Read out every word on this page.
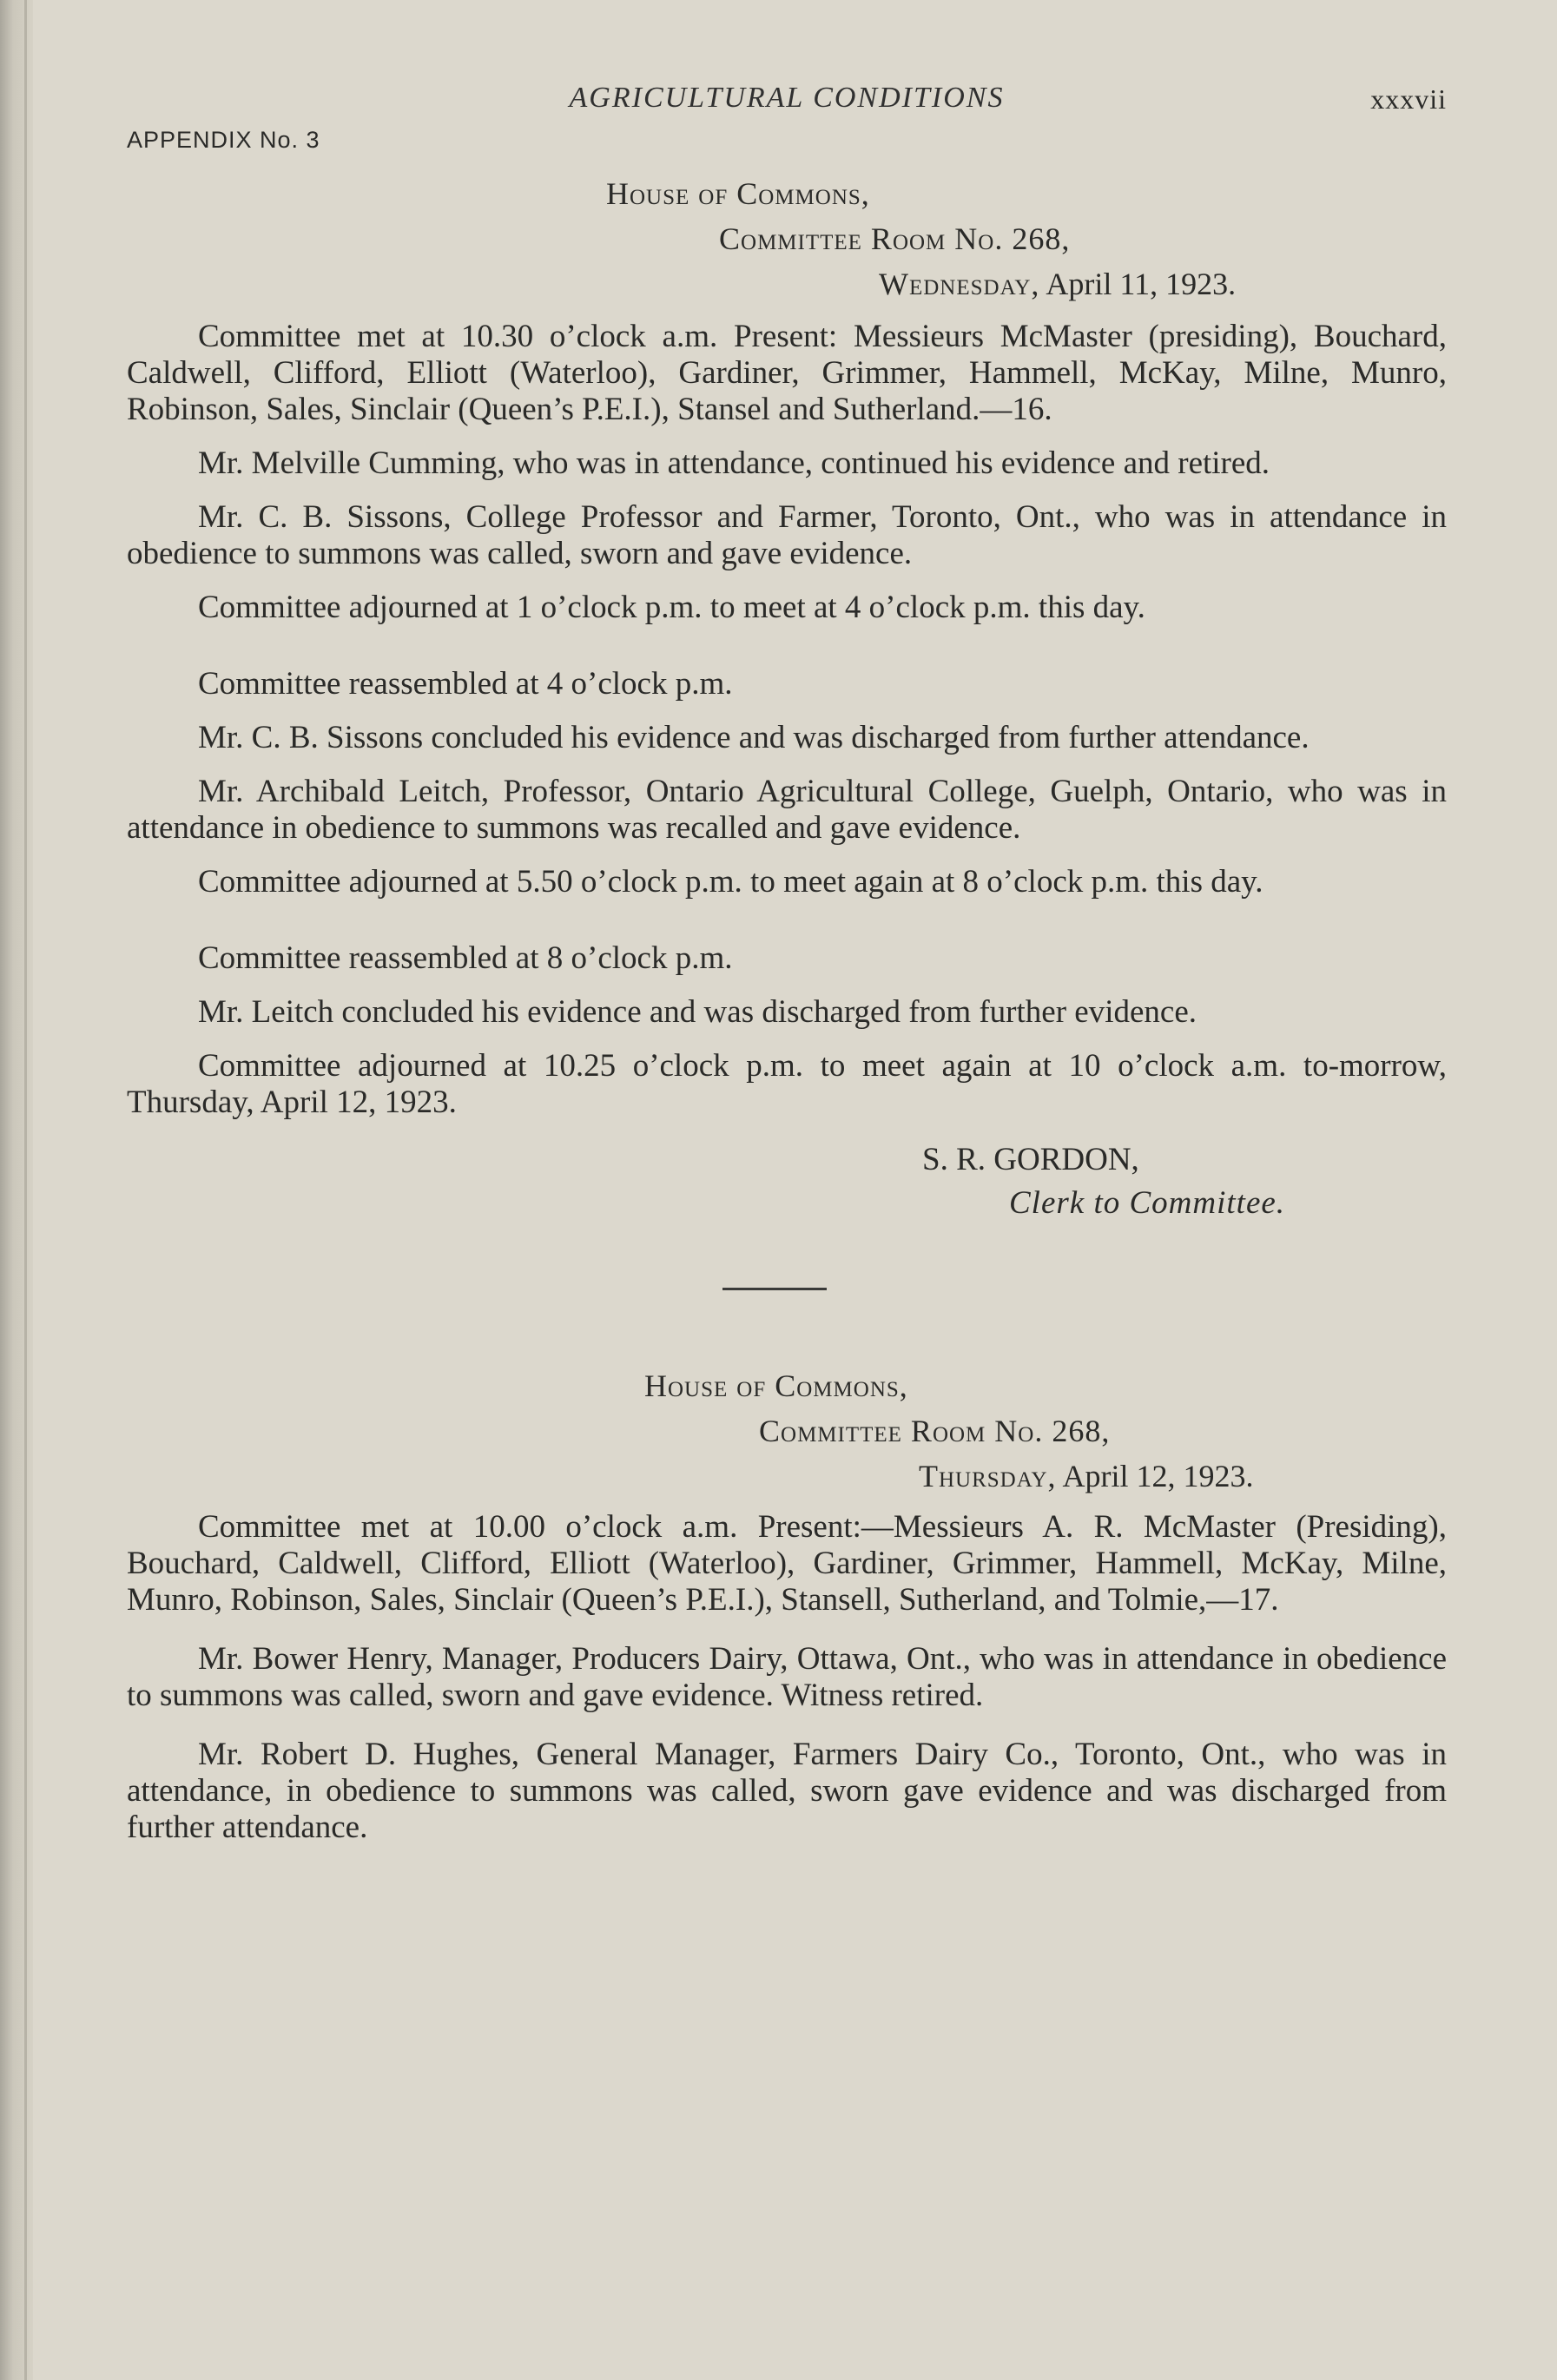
AGRICULTURAL CONDITIONS	xxxvii
APPENDIX No. 3
House of Commons,
Committee Room No. 268,
Wednesday, April 11, 1923.

Committee met at 10.30 o’clock a.m. Present: Messieurs McMaster (presiding), Bouchard, Caldwell, Clifford, Elliott (Waterloo), Gardiner, Grimmer, Hammell, McKay, Milne, Munro, Robinson, Sales, Sinclair (Queen’s P.E.I.), Stansel and Sutherland.—16.

Mr. Melville Cumming, who was in attendance, continued his evidence and retired.

Mr. C. B. Sissons, College Professor and Farmer, Toronto, Ont., who was in attendance in obedience to summons was called, sworn and gave evidence.

Committee adjourned at 1 o’clock p.m. to meet at 4 o’clock p.m. this day.

Committee reassembled at 4 o’clock p.m.

Mr. C. B. Sissons concluded his evidence and was discharged from further attendance.

Mr. Archibald Leitch, Professor, Ontario Agricultural College, Guelph, Ontario, who was in attendance in obedience to summons was recalled and gave evidence.

Committee adjourned at 5.50 o’clock p.m. to meet again at 8 o’clock p.m. this day.

Committee reassembled at 8 o’clock p.m.

Mr. Leitch concluded his evidence and was discharged from further evidence.

Committee adjourned at 10.25 o’clock p.m. to meet again at 10 o’clock a.m. to-morrow, Thursday, April 12, 1923.

S. R. GORDON,
Clerk to Committee.
House of Commons,
Committee Room No. 268,
Thursday, April 12, 1923.

Committee met at 10.00 o’clock a.m. Present:—Messieurs A. R. McMaster (Presiding), Bouchard, Caldwell, Clifford, Elliott (Waterloo), Gardiner, Grimmer, Hammell, McKay, Milne, Munro, Robinson, Sales, Sinclair (Queen’s P.E.I.), Stansell, Sutherland, and Tolmie,—17.

Mr. Bower Henry, Manager, Producers Dairy, Ottawa, Ont., who was in attendance in obedience to summons was called, sworn and gave evidence. Witness retired.

Mr. Robert D. Hughes, General Manager, Farmers Dairy Co., Toronto, Ont., who was in attendance, in obedience to summons was called, sworn gave evidence and was discharged from further attendance.
